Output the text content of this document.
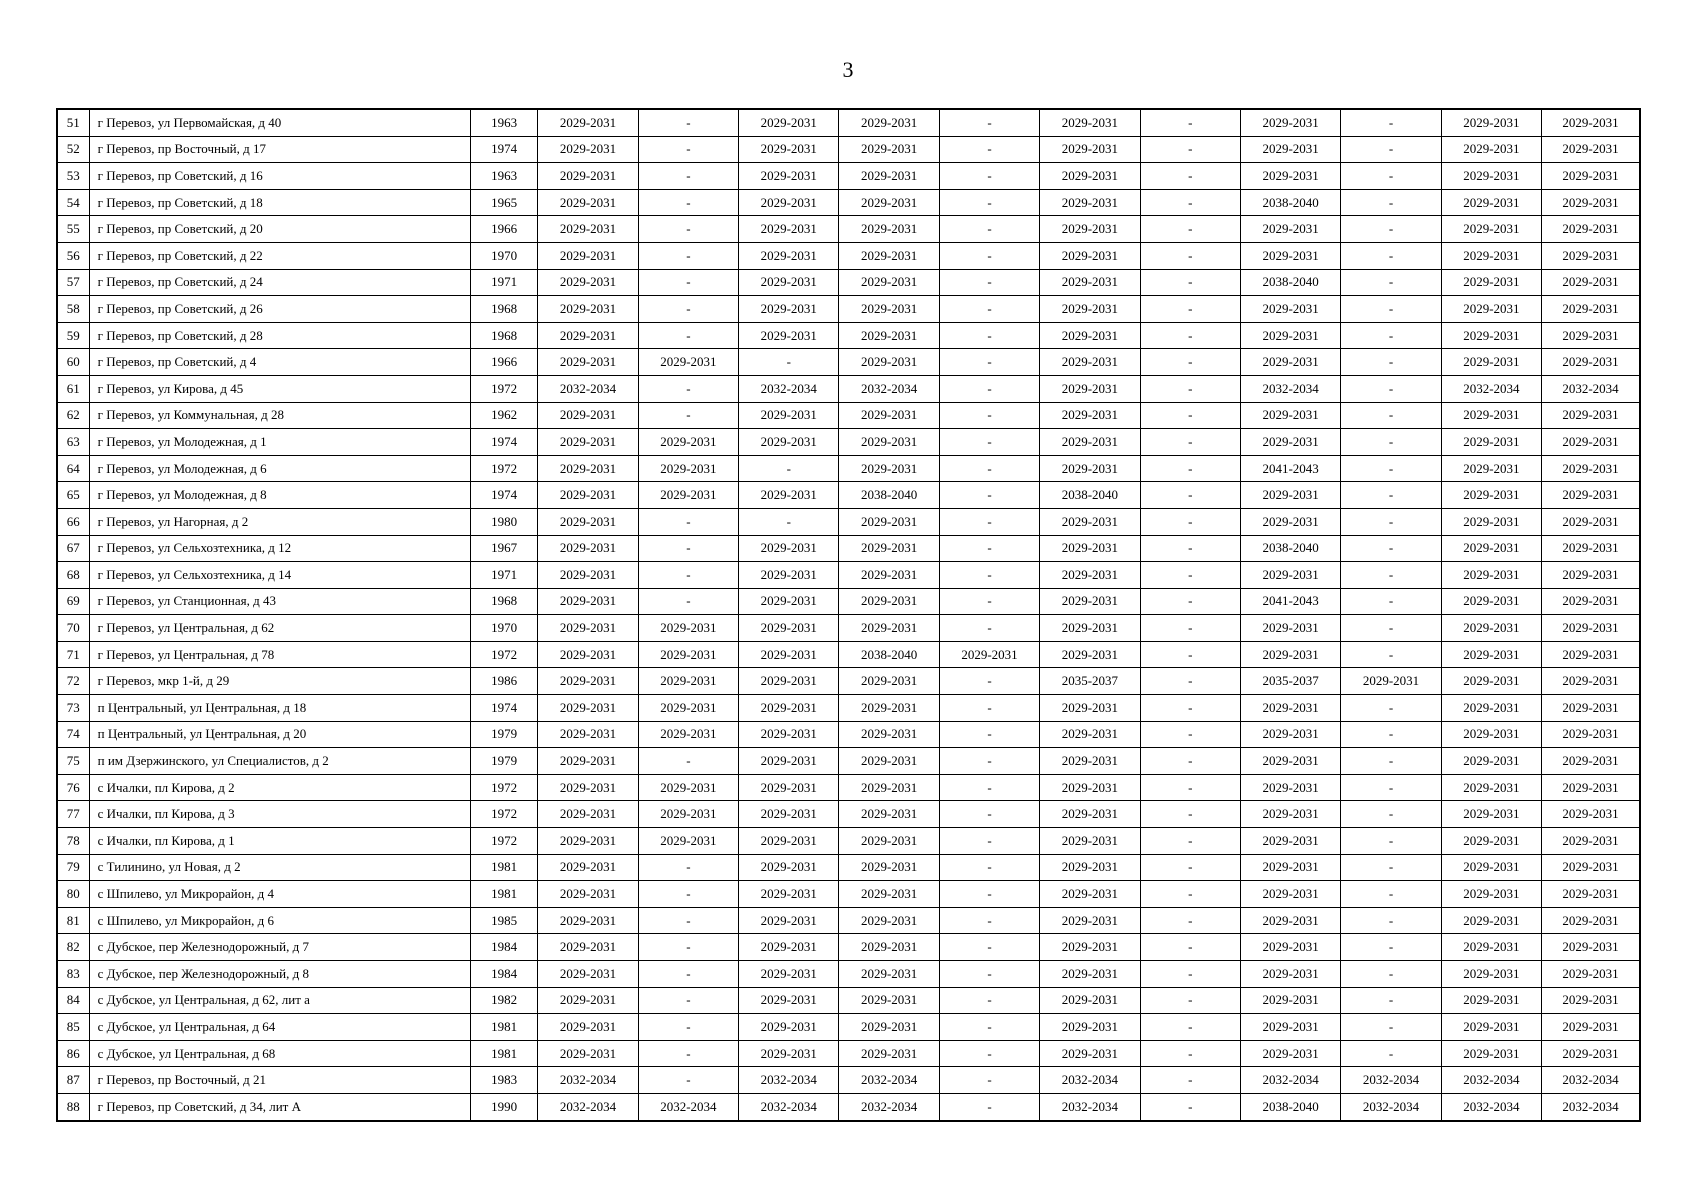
3
51	г Перевоз, ул Первомайская, д 40	1963	2029-2031	-	2029-2031	2029-2031	-	2029-2031	-	2029-2031	-	2029-2031	2029-2031
52	г Перевоз, пр Восточный, д 17	1974	2029-2031	-	2029-2031	2029-2031	-	2029-2031	-	2029-2031	-	2029-2031	2029-2031
53	г Перевоз, пр Советский, д 16	1963	2029-2031	-	2029-2031	2029-2031	-	2029-2031	-	2029-2031	-	2029-2031	2029-2031
54	г Перевоз, пр Советский, д 18	1965	2029-2031	-	2029-2031	2029-2031	-	2029-2031	-	2038-2040	-	2029-2031	2029-2031
55	г Перевоз, пр Советский, д 20	1966	2029-2031	-	2029-2031	2029-2031	-	2029-2031	-	2029-2031	-	2029-2031	2029-2031
56	г Перевоз, пр Советский, д 22	1970	2029-2031	-	2029-2031	2029-2031	-	2029-2031	-	2029-2031	-	2029-2031	2029-2031
57	г Перевоз, пр Советский, д 24	1971	2029-2031	-	2029-2031	2029-2031	-	2029-2031	-	2038-2040	-	2029-2031	2029-2031
58	г Перевоз, пр Советский, д 26	1968	2029-2031	-	2029-2031	2029-2031	-	2029-2031	-	2029-2031	-	2029-2031	2029-2031
59	г Перевоз, пр Советский, д 28	1968	2029-2031	-	2029-2031	2029-2031	-	2029-2031	-	2029-2031	-	2029-2031	2029-2031
60	г Перевоз, пр Советский, д 4	1966	2029-2031	2029-2031	-	2029-2031	-	2029-2031	-	2029-2031	-	2029-2031	2029-2031
61	г Перевоз, ул Кирова, д 45	1972	2032-2034	-	2032-2034	2032-2034	-	2029-2031	-	2032-2034	-	2032-2034	2032-2034
62	г Перевоз, ул Коммунальная, д 28	1962	2029-2031	-	2029-2031	2029-2031	-	2029-2031	-	2029-2031	-	2029-2031	2029-2031
63	г Перевоз, ул Молодежная, д 1	1974	2029-2031	2029-2031	2029-2031	2029-2031	-	2029-2031	-	2029-2031	-	2029-2031	2029-2031
64	г Перевоз, ул Молодежная, д 6	1972	2029-2031	2029-2031	-	2029-2031	-	2029-2031	-	2041-2043	-	2029-2031	2029-2031
65	г Перевоз, ул Молодежная, д 8	1974	2029-2031	2029-2031	2029-2031	2038-2040	-	2038-2040	-	2029-2031	-	2029-2031	2029-2031
66	г Перевоз, ул Нагорная, д 2	1980	2029-2031	-	-	2029-2031	-	2029-2031	-	2029-2031	-	2029-2031	2029-2031
67	г Перевоз, ул Сельхозтехника, д 12	1967	2029-2031	-	2029-2031	2029-2031	-	2029-2031	-	2038-2040	-	2029-2031	2029-2031
68	г Перевоз, ул Сельхозтехника, д 14	1971	2029-2031	-	2029-2031	2029-2031	-	2029-2031	-	2029-2031	-	2029-2031	2029-2031
69	г Перевоз, ул Станционная, д 43	1968	2029-2031	-	2029-2031	2029-2031	-	2029-2031	-	2041-2043	-	2029-2031	2029-2031
70	г Перевоз, ул Центральная, д 62	1970	2029-2031	2029-2031	2029-2031	2029-2031	-	2029-2031	-	2029-2031	-	2029-2031	2029-2031
71	г Перевоз, ул Центральная, д 78	1972	2029-2031	2029-2031	2029-2031	2038-2040	2029-2031	2029-2031	-	2029-2031	-	2029-2031	2029-2031
72	г Перевоз, мкр 1-й, д 29	1986	2029-2031	2029-2031	2029-2031	2029-2031	-	2035-2037	-	2035-2037	2029-2031	2029-2031	2029-2031
73	п Центральный, ул Центральная, д 18	1974	2029-2031	2029-2031	2029-2031	2029-2031	-	2029-2031	-	2029-2031	-	2029-2031	2029-2031
74	п Центральный, ул Центральная, д 20	1979	2029-2031	2029-2031	2029-2031	2029-2031	-	2029-2031	-	2029-2031	-	2029-2031	2029-2031
75	п им Дзержинского, ул Специалистов, д 2	1979	2029-2031	-	2029-2031	2029-2031	-	2029-2031	-	2029-2031	-	2029-2031	2029-2031
76	с Ичалки, пл Кирова, д 2	1972	2029-2031	2029-2031	2029-2031	2029-2031	-	2029-2031	-	2029-2031	-	2029-2031	2029-2031
77	с Ичалки, пл Кирова, д 3	1972	2029-2031	2029-2031	2029-2031	2029-2031	-	2029-2031	-	2029-2031	-	2029-2031	2029-2031
78	с Ичалки, пл Кирова, д 1	1972	2029-2031	2029-2031	2029-2031	2029-2031	-	2029-2031	-	2029-2031	-	2029-2031	2029-2031
79	с Тилинино, ул Новая, д 2	1981	2029-2031	-	2029-2031	2029-2031	-	2029-2031	-	2029-2031	-	2029-2031	2029-2031
80	с Шпилево, ул Микрорайон, д 4	1981	2029-2031	-	2029-2031	2029-2031	-	2029-2031	-	2029-2031	-	2029-2031	2029-2031
81	с Шпилево, ул Микрорайон, д 6	1985	2029-2031	-	2029-2031	2029-2031	-	2029-2031	-	2029-2031	-	2029-2031	2029-2031
82	с Дубское, пер Железнодорожный, д 7	1984	2029-2031	-	2029-2031	2029-2031	-	2029-2031	-	2029-2031	-	2029-2031	2029-2031
83	с Дубское, пер Железнодорожный, д 8	1984	2029-2031	-	2029-2031	2029-2031	-	2029-2031	-	2029-2031	-	2029-2031	2029-2031
84	с Дубское, ул Центральная, д 62, лит а	1982	2029-2031	-	2029-2031	2029-2031	-	2029-2031	-	2029-2031	-	2029-2031	2029-2031
85	с Дубское, ул Центральная, д 64	1981	2029-2031	-	2029-2031	2029-2031	-	2029-2031	-	2029-2031	-	2029-2031	2029-2031
86	с Дубское, ул Центральная, д 68	1981	2029-2031	-	2029-2031	2029-2031	-	2029-2031	-	2029-2031	-	2029-2031	2029-2031
87	г Перевоз, пр Восточный, д 21	1983	2032-2034	-	2032-2034	2032-2034	-	2032-2034	-	2032-2034	2032-2034	2032-2034	2032-2034
88	г Перевоз, пр Советский, д 34, лит А	1990	2032-2034	2032-2034	2032-2034	2032-2034	-	2032-2034	-	2038-2040	2032-2034	2032-2034	2032-2034
